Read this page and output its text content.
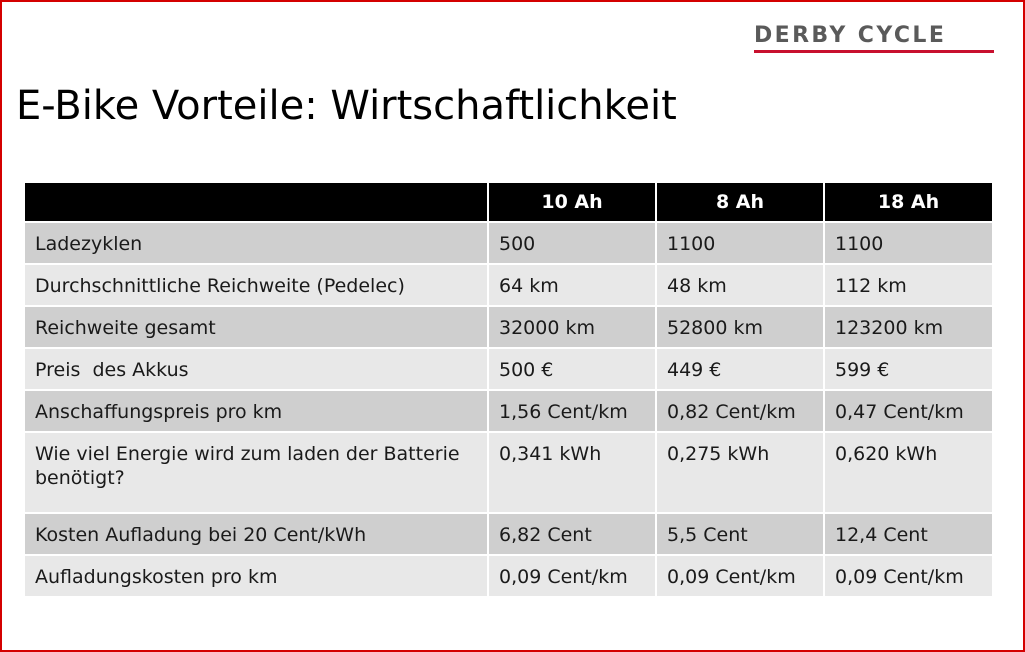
DERBY CYCLE
E-Bike Vorteile: Wirtschaftlichkeit
	10 Ah	8 Ah	18 Ah
Ladezyklen	500	1100	1100
Durchschnittliche Reichweite (Pedelec)	64 km	48 km	112 km
Reichweite gesamt	32000 km	52800 km	123200 km
Preis  des Akkus	500 €	449 €	599 €
Anschaffungspreis pro km	1,56 Cent/km	0,82 Cent/km	0,47 Cent/km
Wie viel Energie wird zum laden der Batterie benötigt?	0,341 kWh	0,275 kWh	0,620 kWh
Kosten Aufladung bei 20 Cent/kWh	6,82 Cent	5,5 Cent	12,4 Cent
Aufladungskosten pro km	0,09 Cent/km	0,09 Cent/km	0,09 Cent/km
